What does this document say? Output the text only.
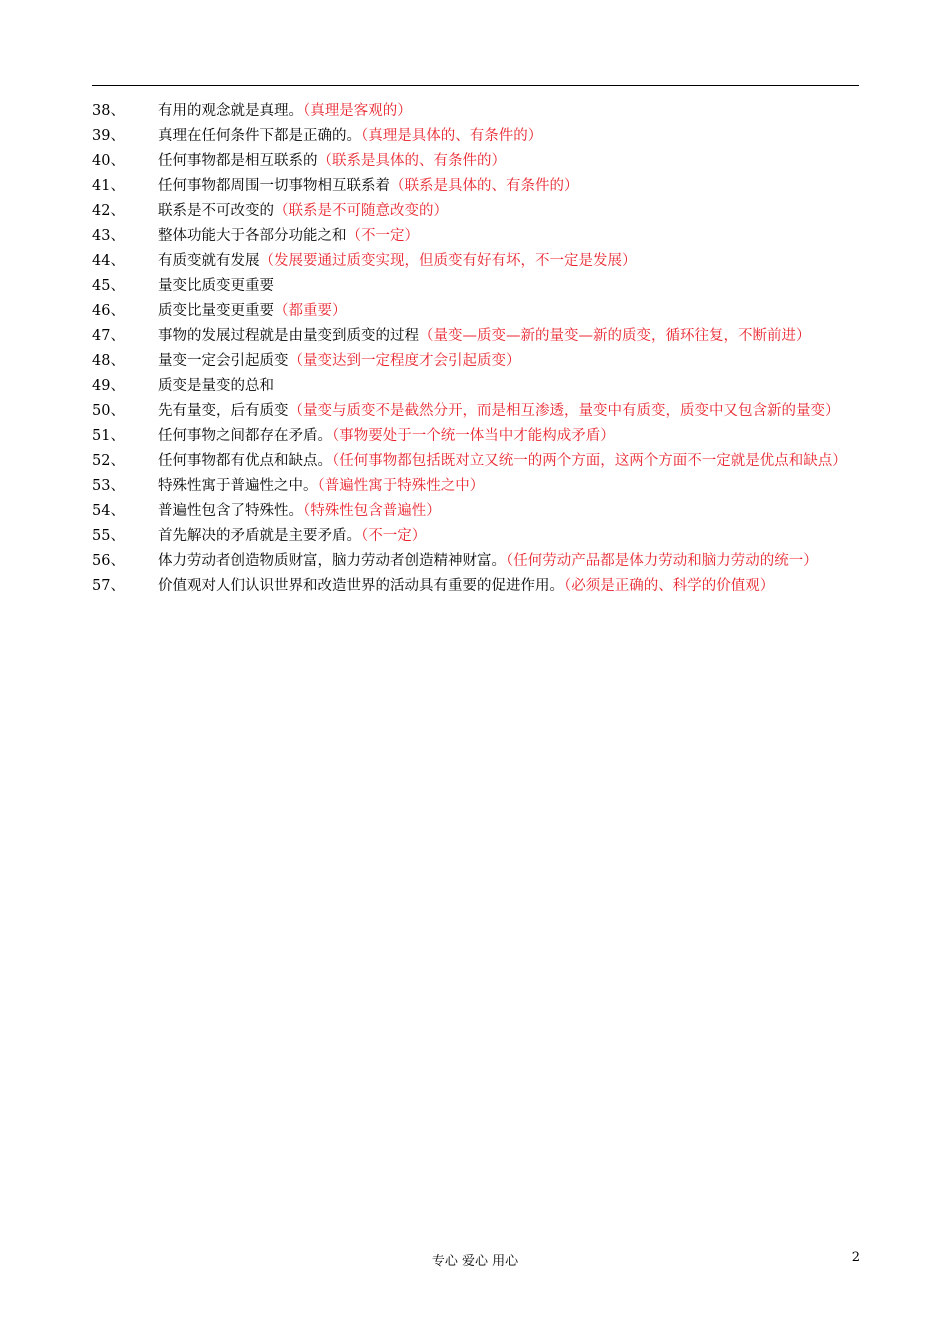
38、	有用的观念就是真理。（真理是客观的）
39、	真理在任何条件下都是正确的。（真理是具体的、有条件的）
40、	任何事物都是相互联系的（联系是具体的、有条件的）
41、	任何事物都周围一切事物相互联系着（联系是具体的、有条件的）
42、	联系是不可改变的（联系是不可随意改变的）
43、	整体功能大于各部分功能之和（不一定）
44、	有质变就有发展（发展要通过质变实现，但质变有好有坏，不一定是发展）
45、	量变比质变更重要
46、	质变比量变更重要（都重要）
47、	事物的发展过程就是由量变到质变的过程（量变—质变—新的量变—新的质变，循环往复，不断前进）
48、	量变一定会引起质变（量变达到一定程度才会引起质变）
49、	质变是量变的总和
50、	先有量变，后有质变（量变与质变不是截然分开，而是相互渗透，量变中有质变，质变中又包含新的量变）
51、	任何事物之间都存在矛盾。（事物要处于一个统一体当中才能构成矛盾）
52、	任何事物都有优点和缺点。（任何事物都包括既对立又统一的两个方面，这两个方面不一定就是优点和缺点）
53、	特殊性寓于普遍性之中。（普遍性寓于特殊性之中）
54、	普遍性包含了特殊性。（特殊性包含普遍性）
55、	首先解决的矛盾就是主要矛盾。（不一定）
56、	体力劳动者创造物质财富，脑力劳动者创造精神财富。（任何劳动产品都是体力劳动和脑力劳动的统一）
57、	价值观对人们认识世界和改造世界的活动具有重要的促进作用。（必须是正确的、科学的价值观）
专心 爱心 用心	2
